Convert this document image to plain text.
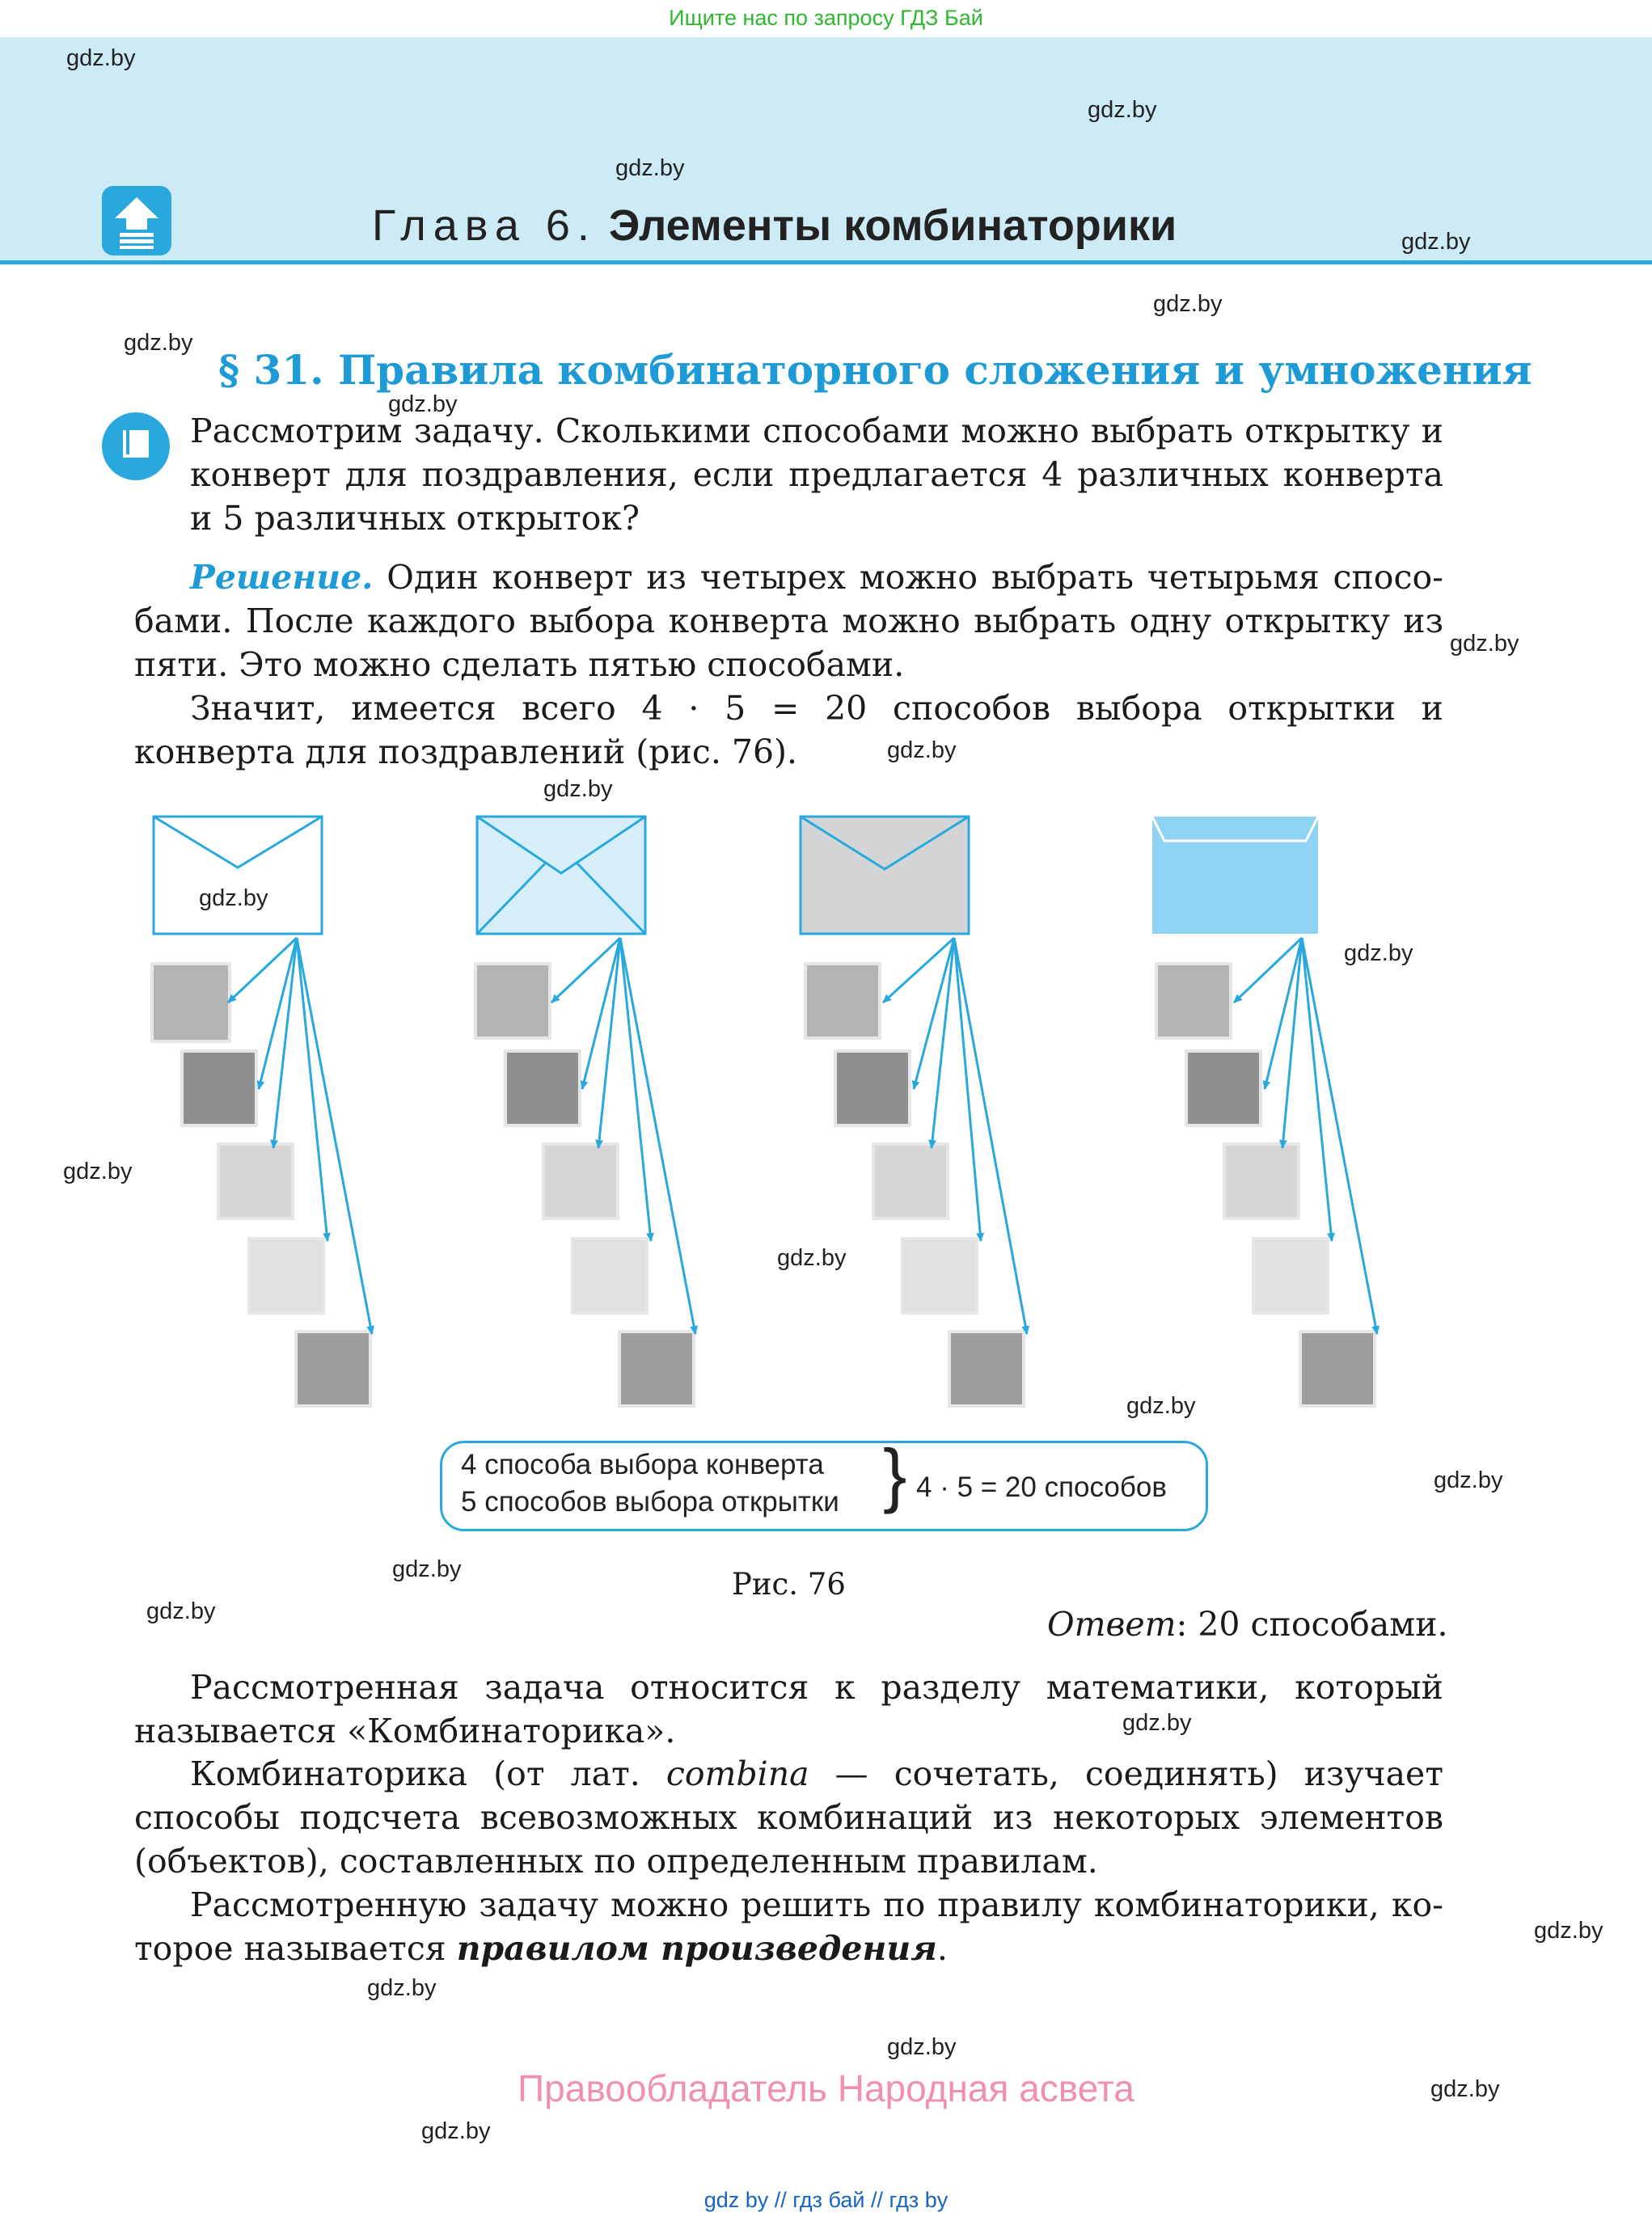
Ищите нас по запросу ГДЗ Бай
Глава 6. Элементы комбинаторики
§ 31. Правила комбинаторного сложения и умножения
Рассмотрим задачу. Сколькими способами можно выбрать открытку и конверт для поздравления, если предлагается 4 различных конверта и 5 различных открыток?
Решение. Один конверт из четырех можно выбрать четырьмя способами. После каждого выбора конверта можно выбрать одну открытку из пяти. Это можно сделать пятью способами.
Значит, имеется всего 4 · 5 = 20 способов выбора открытки и конверта для поздравлений (рис. 76).
4 способа выбора конверта
5 способов выбора открытки } 4 · 5 = 20 способов
Рис. 76
Ответ: 20 способами.
Рассмотренная задача относится к разделу математики, который называется «Комбинаторика».
Комбинаторика (от лат. combina — сочетать, соединять) изучает способы подсчета всевозможных комбинаций из некоторых элементов (объектов), составленных по определенным правилам.
Рассмотренную задачу можно решить по правилу комбинаторики, которое называется правилом произведения.
gdz.by
gdz.by
gdz.by
gdz.by
gdz.by
gdz.by
gdz.by
gdz.by
gdz.by
gdz.by
gdz.by
gdz.by
gdz.by
gdz.by
gdz.by
gdz.by
gdz.by
gdz.by
gdz.by
gdz.by
gdz.by
gdz.by
gdz.by
gdz.by
Правообладатель Народная асвета
gdz by // гдз бай // гдз by
